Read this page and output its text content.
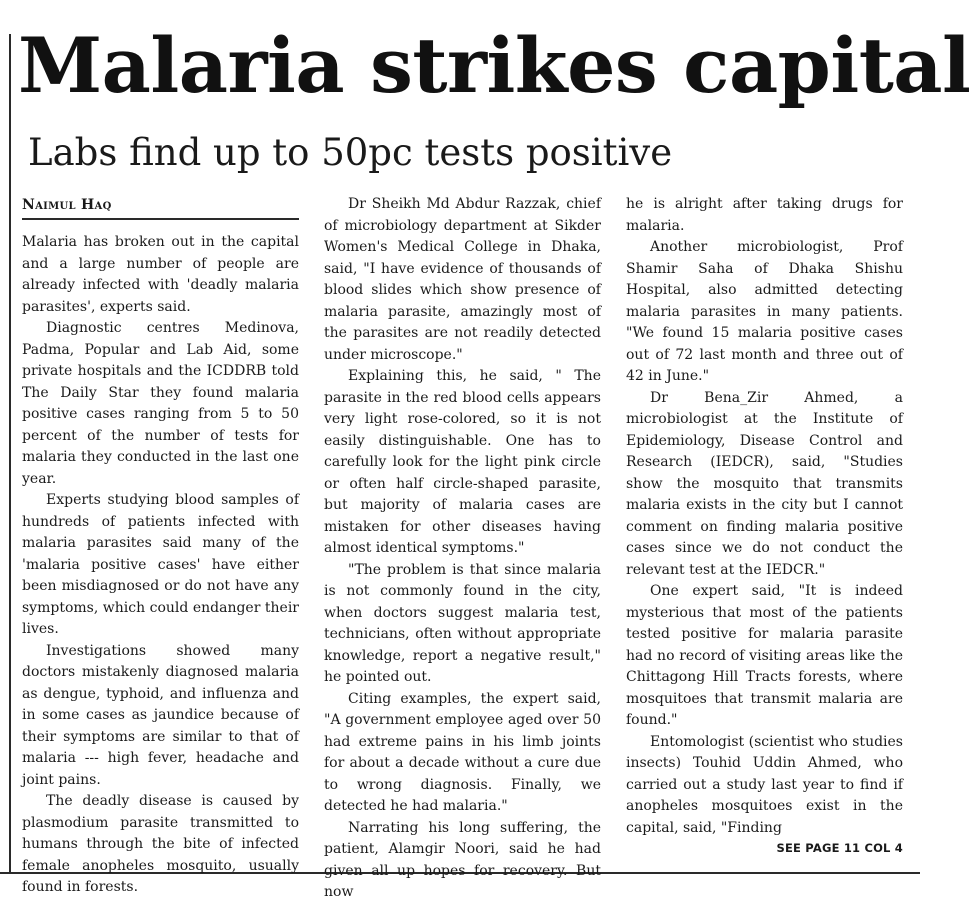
Malaria strikes capital
Labs find up to 50pc tests positive
Naimul Haq

Malaria has broken out in the capital and a large number of people are already infected with 'deadly malaria parasites', experts said.

Diagnostic centres Medinova, Padma, Popular and Lab Aid, some private hospitals and the ICDDRB told The Daily Star they found malaria positive cases ranging from 5 to 50 percent of the number of tests for malaria they conducted in the last one year.

Experts studying blood samples of hundreds of patients infected with malaria parasites said many of the 'malaria positive cases' have either been misdiagnosed or do not have any symptoms, which could endanger their lives.

Investigations showed many doctors mistakenly diagnosed malaria as dengue, typhoid, and influenza and in some cases as jaundice because of their symptoms are similar to that of malaria --- high fever, headache and joint pains.

The deadly disease is caused by plasmodium parasite transmitted to humans through the bite of infected female anopheles mosquito, usually found in forests.

Dr Sheikh Md Abdur Razzak, chief of microbiology department at Sikder Women's Medical College in Dhaka, said, "I have evidence of thousands of blood slides which show presence of malaria parasite, amazingly most of the parasites are not readily detected under microscope."

Explaining this, he said, " The parasite in the red blood cells appears very light rose-colored, so it is not easily distinguishable. One has to carefully look for the light pink circle or often half circle-shaped parasite, but majority of malaria cases are mistaken for other diseases having almost identical symptoms."

"The problem is that since malaria is not commonly found in the city, when doctors suggest malaria test, technicians, often without appropriate knowledge, report a negative result," he pointed out.

Citing examples, the expert said, "A government employee aged over 50 had extreme pains in his limb joints for about a decade without a cure due to wrong diagnosis. Finally, we detected he had malaria."

Narrating his long suffering, the patient, Alamgir Noori, said he had given all up hopes for recovery. But now

he is alright after taking drugs for malaria.

Another microbiologist, Prof Shamir Saha of Dhaka Shishu Hospital, also admitted detecting malaria parasites in many patients. "We found 15 malaria positive cases out of 72 last month and three out of 42 in June."

Dr Bena_Zir Ahmed, a microbiologist at the Institute of Epidemiology, Disease Control and Research (IEDCR), said, "Studies show the mosquito that transmits malaria exists in the city but I cannot comment on finding malaria positive cases since we do not conduct the relevant test at the IEDCR."

One expert said, "It is indeed mysterious that most of the patients tested positive for malaria parasite had no record of visiting areas like the Chittagong Hill Tracts forests, where mosquitoes that transmit malaria are found."

Entomologist (scientist who studies insects) Touhid Uddin Ahmed, who carried out a study last year to find if anopheles mosquitoes exist in the capital, said, "Finding

SEE PAGE 11 COL 4
